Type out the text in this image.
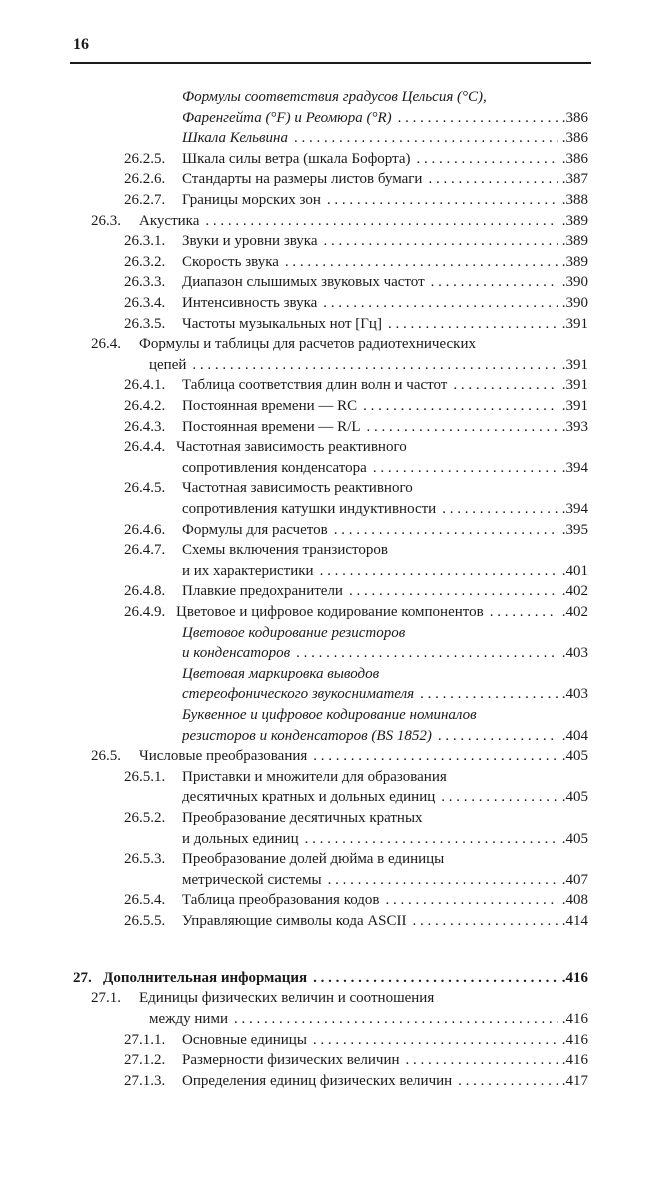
16
Формулы соответствия градусов Цельсия (°С),
Фаренгейта (°F) и Реомюра (°R) . . .	.386
Шкала Кельвина . . .	.386
26.2.5. Шкала силы ветра (шкала Бофорта) . . .	.386
26.2.6. Стандарты на размеры листов бумаги . . .	.387
26.2.7. Границы морских зон . . .	.388
26.3. Акустика . . .	.389
26.3.1. Звуки и уровни звука . . .	.389
26.3.2. Скорость звука . . .	.389
26.3.3. Диапазон слышимых звуковых частот . . .	.390
26.3.4. Интенсивность звука . . .	.390
26.3.5. Частоты музыкальных нот [Гц] . . .	.391
26.4. Формулы и таблицы для расчетов радиотехнических
цепей . . .	.391
26.4.1. Таблица соответствия длин волн и частот . . .	.391
26.4.2. Постоянная времени — RC . . .	.391
26.4.3. Постоянная времени — R/L . . .	.393
26.4.4. Частотная зависимость реактивного
сопротивления конденсатора . . .	.394
26.4.5. Частотная зависимость реактивного
сопротивления катушки индуктивности . . .	.394
26.4.6. Формулы для расчетов . . .	.395
26.4.7. Схемы включения транзисторов
и их характеристики . . .	.401
26.4.8. Плавкие предохранители . . .	.402
26.4.9. Цветовое и цифровое кодирование компонентов . . .	.402
Цветовое кодирование резисторов
и конденсаторов . . .	.403
Цветовая маркировка выводов
стереофонического звукоснимателя . . .	.403
Буквенное и цифровое кодирование номиналов
резисторов и конденсаторов (BS 1852) . . .	.404
26.5. Числовые преобразования . . .	.405
26.5.1. Приставки и множители для образования
десятичных кратных и дольных единиц . . .	.405
26.5.2. Преобразование десятичных кратных
и дольных единиц . . .	.405
26.5.3. Преобразование долей дюйма в единицы
метрической системы . . .	.407
26.5.4. Таблица преобразования кодов . . .	.408
26.5.5. Управляющие символы кода ASCII . . .	.414
27. Дополнительная информация . . .	.416
27.1. Единицы физических величин и соотношения
между ними . . .	.416
27.1.1. Основные единицы . . .	.416
27.1.2. Размерности физических величин . . .	.416
27.1.3. Определения единиц физических величин . . .	.417
